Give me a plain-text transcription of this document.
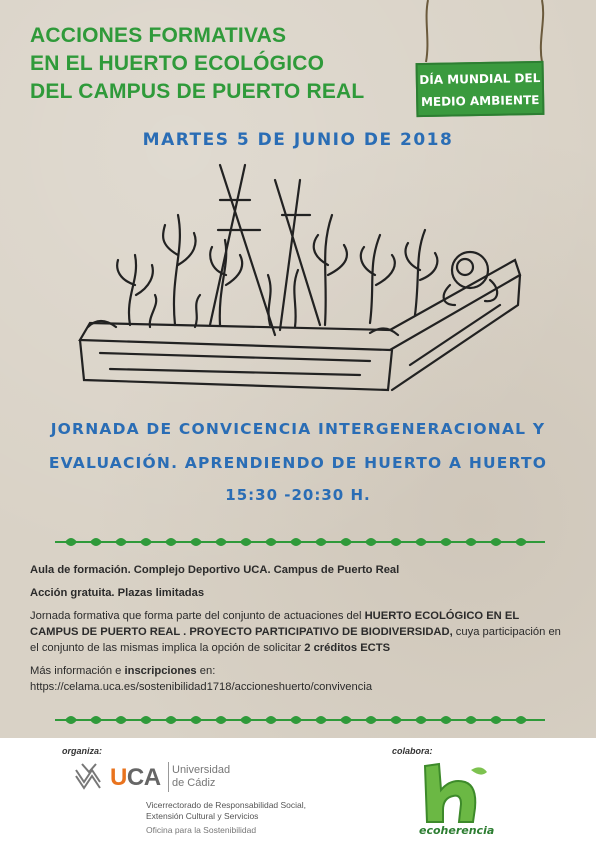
ACCIONES FORMATIVAS
EN EL HUERTO ECOLÓGICO
DEL CAMPUS DE PUERTO REAL
DÍA MUNDIAL DEL
MEDIO AMBIENTE
MARTES 5 DE JUNIO DE 2018
JORNADA DE CONVICENCIA INTERGENERACIONAL Y
EVALUACIÓN. APRENDIENDO DE HUERTO A HUERTO
15:30 -20:30 H.

Aula de formación. Complejo Deportivo UCA. Campus de Puerto Real

Acción gratuita. Plazas limitadas

Jornada formativa que forma parte del conjunto de actuaciones del HUERTO ECOLÓGICO EN EL CAMPUS DE PUERTO REAL . PROYECTO PARTICIPATIVO DE BIODIVERSIDAD, cuya participación en el conjunto de las mismas implica la opción de solicitar 2 créditos ECTS

Más información e inscripciones en:
https://celama.uca.es/sostenibilidad1718/accioneshuerto/convivencia

organiza:	colabora:
UCA Universidad
de Cádiz
Vicerrectorado de Responsabilidad Social,
Extensión Cultural y Servicios
Oficina para la Sostenibilidad	ecoherencia
